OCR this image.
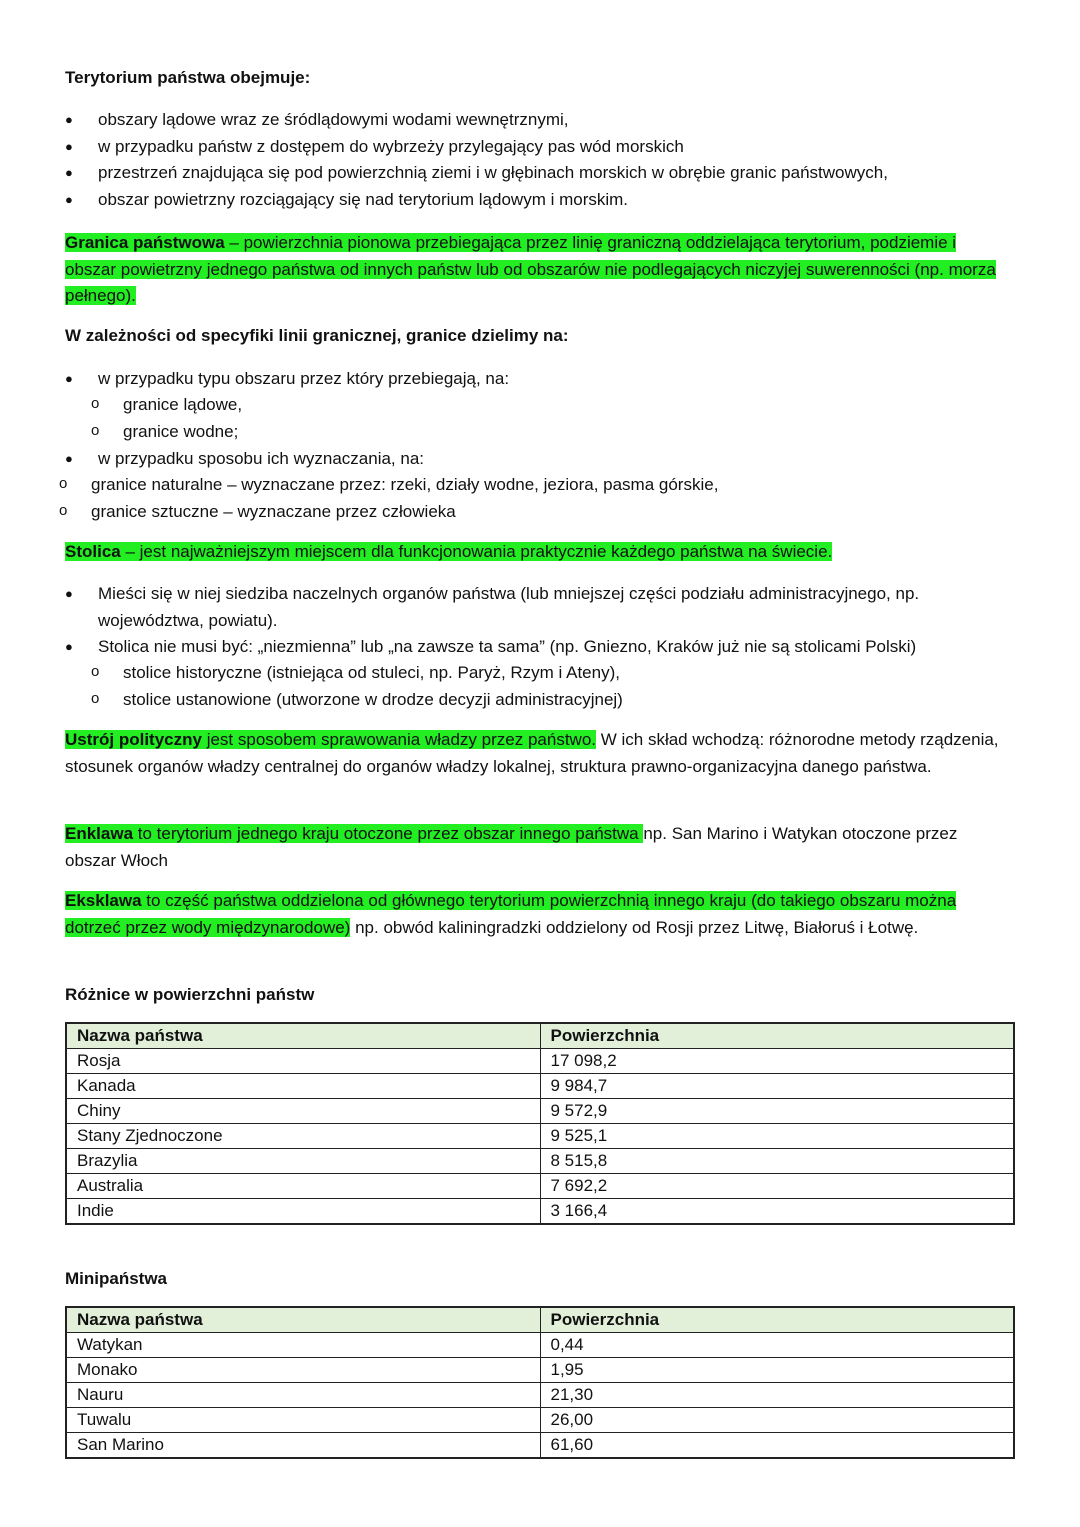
Terytorium państwa obejmuje:
● obszary lądowe wraz ze śródlądowymi wodami wewnętrznymi,
● w przypadku państw z dostępem do wybrzeży przylegający pas wód morskich
● przestrzeń znajdująca się pod powierzchnią ziemi i w głębinach morskich w obrębie granic państwowych,
● obszar powietrzny rozciągający się nad terytorium lądowym i morskim.
Granica państwowa – powierzchnia pionowa przebiegająca przez linię graniczną oddzielająca terytorium, podziemie i obszar powietrzny jednego państwa od innych państw lub od obszarów nie podlegających niczyjej suwerenności (np. morza pełnego).
W zależności od specyfiki linii granicznej, granice dzielimy na:
● w przypadku typu obszaru przez który przebiegają, na:
o granice lądowe,
o granice wodne;
● w przypadku sposobu ich wyznaczania, na:
o granice naturalne – wyznaczane przez: rzeki, działy wodne, jeziora, pasma górskie,
o granice sztuczne – wyznaczane przez człowieka
Stolica – jest najważniejszym miejscem dla funkcjonowania praktycznie każdego państwa na świecie.
● Mieści się w niej siedziba naczelnych organów państwa (lub mniejszej części podziału administracyjnego, np. województwa, powiatu).
● Stolica nie musi być: „niezmienna” lub „na zawsze ta sama” (np. Gniezno, Kraków już nie są stolicami Polski)
o stolice historyczne (istniejąca od stuleci, np. Paryż, Rzym i Ateny),
o stolice ustanowione (utworzone w drodze decyzji administracyjnej)
Ustrój polityczny jest sposobem sprawowania władzy przez państwo. W ich skład wchodzą: różnorodne metody rządzenia, stosunek organów władzy centralnej do organów władzy lokalnej, struktura prawno-organizacyjna danego państwa.
Enklawa to terytorium jednego kraju otoczone przez obszar innego państwa np. San Marino i Watykan otoczone przez obszar Włoch
Eksklawa to część państwa oddzielona od głównego terytorium powierzchnią innego kraju (do takiego obszaru można dotrzeć przez wody międzynarodowe) np. obwód kaliningradzki oddzielony od Rosji przez Litwę, Białoruś i Łotwę.
Różnice w powierzchni państw
Nazwa państwa	Powierzchnia
Rosja	17 098,2
Kanada	9 984,7
Chiny	9 572,9
Stany Zjednoczone	9 525,1
Brazylia	8 515,8
Australia	7 692,2
Indie	3 166,4
Minipaństwa
Nazwa państwa	Powierzchnia
Watykan	0,44
Monako	1,95
Nauru	21,30
Tuwalu	26,00
San Marino	61,60
